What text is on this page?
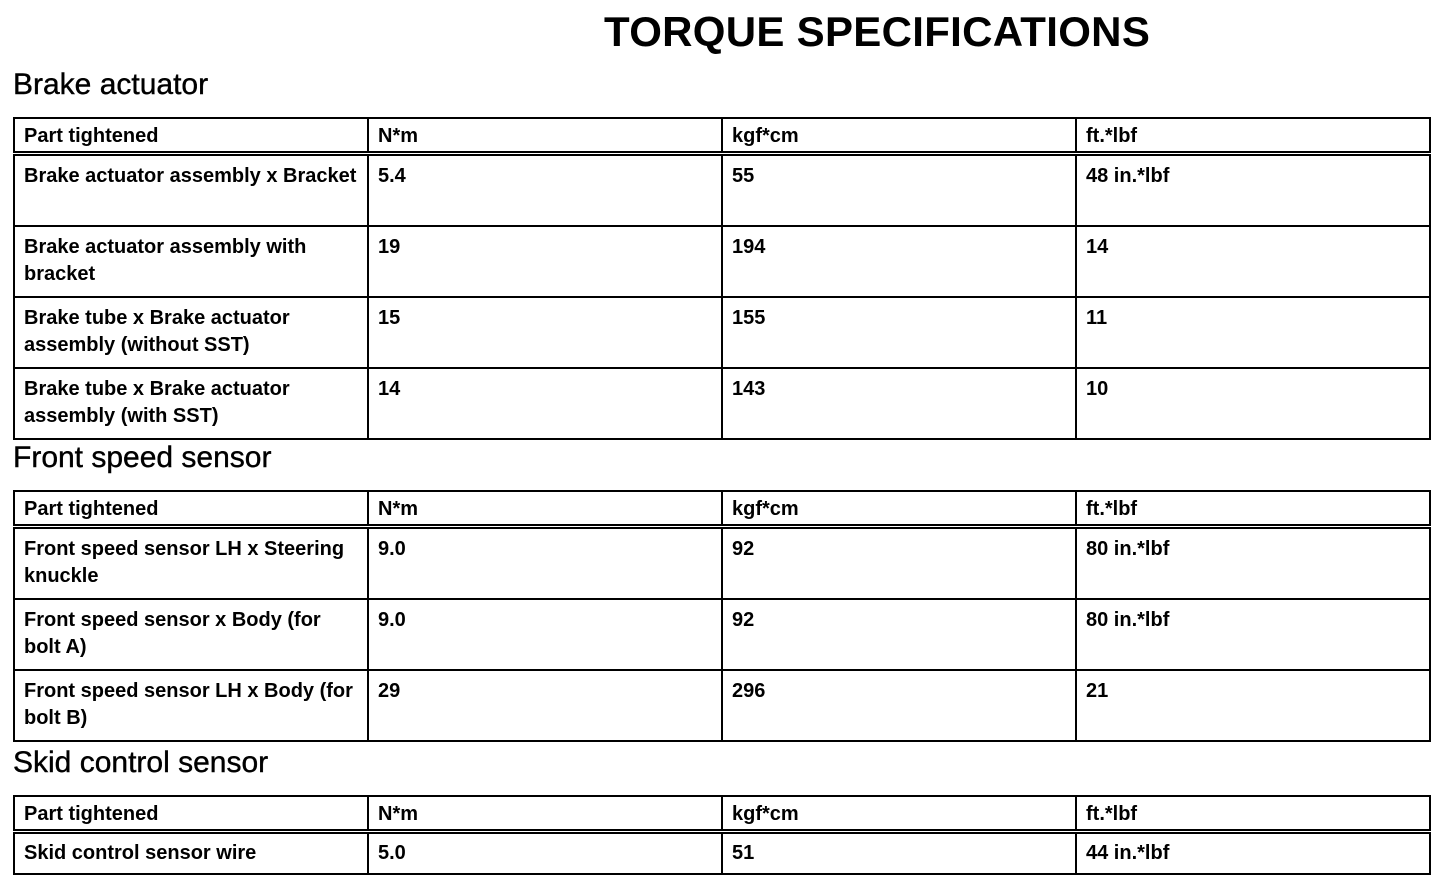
TORQUE SPECIFICATIONS
Brake actuator
Part tightened	N*m	kgf*cm	ft.*lbf
Brake actuator assembly x Bracket	5.4	55	48 in.*lbf
Brake actuator assembly with bracket	19	194	14
Brake tube x Brake actuator assembly (without SST)	15	155	11
Brake tube x Brake actuator assembly (with SST)	14	143	10
Front speed sensor
Part tightened	N*m	kgf*cm	ft.*lbf
Front speed sensor LH x Steering knuckle	9.0	92	80 in.*lbf
Front speed sensor x Body (for bolt A)	9.0	92	80 in.*lbf
Front speed sensor LH x Body (for bolt B)	29	296	21
Skid control sensor
Part tightened	N*m	kgf*cm	ft.*lbf
Skid control sensor wire	5.0	51	44 in.*lbf
